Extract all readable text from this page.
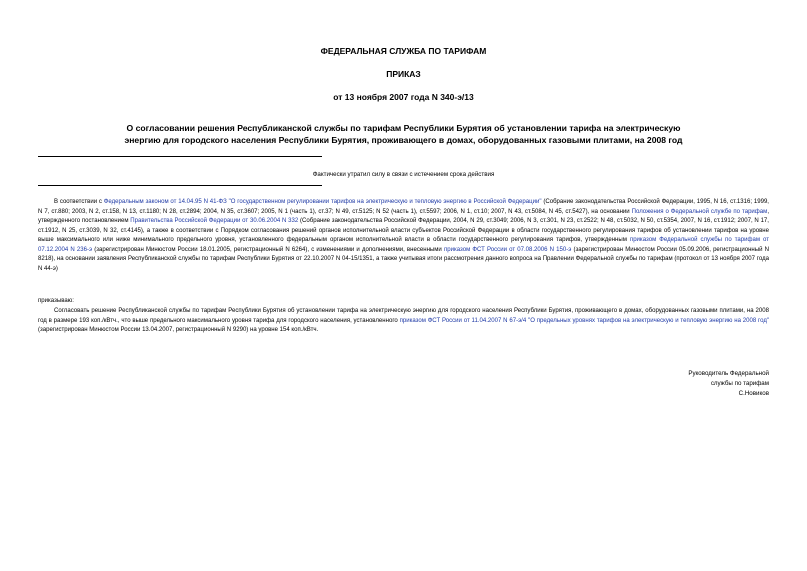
ФЕДЕРАЛЬНАЯ СЛУЖБА ПО ТАРИФАМ
ПРИКАЗ
от 13 ноября 2007 года N 340-э/13
О согласовании решения Республиканской службы по тарифам Республики Бурятия об установлении тарифа на электрическую
энергию для городского населения Республики Бурятия, проживающего в домах, оборудованных газовыми плитами, на 2008 год
Фактически утратил силу в связи с истечением срока действия
В соответствии с Федеральным законом от 14.04.95 N 41-ФЗ "О государственном регулировании тарифов на электрическую и тепловую энергию в Российской Федерации" (Собрание законодательства Российской Федерации, 1995, N 16, ст.1316; 1999, N 7, ст.880; 2003, N 2, ст.158, N 13, ст.1180; N 28, ст.2894; 2004, N 35, ст.3607; 2005, N 1 (часть 1), ст.37; N 49, ст.5125; N 52 (часть 1), ст.5597; 2006, N 1, ст.10; 2007, N 43, ст.5084, N 45, ст.5427), на основании Положения о Федеральной службе по тарифам, утвержденного постановлением Правительства Российской Федерации от 30.06.2004 N 332 (Собрание законодательства Российской Федерации, 2004, N 29, ст.3049; 2006, N 3, ст.301, N 23, ст.2522; N 48, ст.5032, N 50, ст.5354, 2007, N 16, ст.1912; 2007, N 17, ст.1912, N 25, ст.3039, N 32, ст.4145), а также в соответствии с Порядком согласования решений органов исполнительной власти субъектов Российской Федерации в области государственного регулирования тарифов об установлении тарифов на уровне выше максимального или ниже минимального предельного уровня, установленного федеральным органом исполнительной власти в области государственного регулирования тарифов, утвержденным приказом Федеральной службы по тарифам от 07.12.2004 N 236-э (зарегистрирован Минюстом России 18.01.2005, регистрационный N 6264), с изменениями и дополнениями, внесенными приказом ФСТ России от 07.08.2006 N 150-э (зарегистрирован Минюстом России 05.09.2006, регистрационный N 8218), на основании заявления Республиканской службы по тарифам Республики Бурятия от 22.10.2007 N 04-15/1351, а также учитывая итоги рассмотрения данного вопроса на Правлении Федеральной службы по тарифам (протокол от 13 ноября 2007 года N 44-э)
приказываю:
Согласовать решение Республиканской службы по тарифам Республики Бурятия об установлении тарифа на электрическую энергию для городского населения Республики Бурятия, проживающего в домах, оборудованных газовыми плитами, на 2008 год в размере 193 коп./кВтч., что выше предельного максимального уровня тарифа для городского населения, установленного приказом ФСТ России от 11.04.2007 N 67-э/4 "О предельных уровнях тарифов на электрическую и тепловую энергию на 2008 год" (зарегистрирован Минюстом России 13.04.2007, регистрационный N 9290) на уровне 154 коп./кВтч.
Руководитель Федеральной
службы по тарифам
С.Новиков
